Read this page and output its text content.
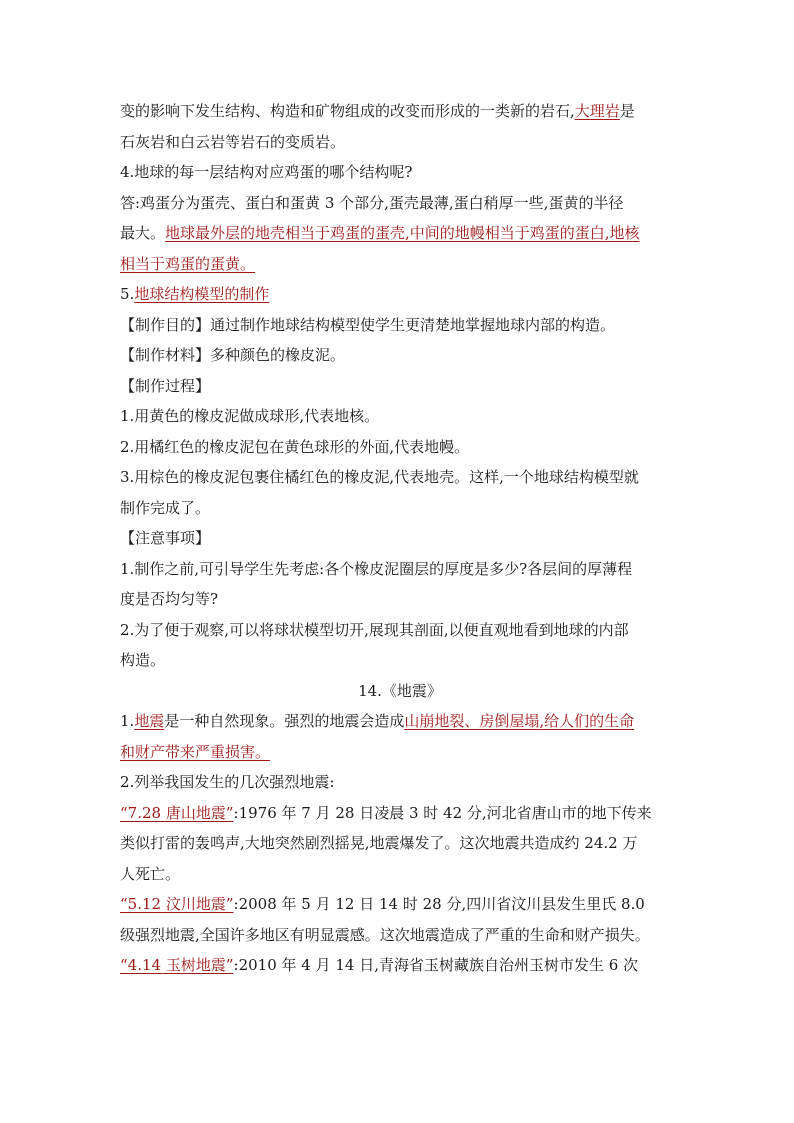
变的影响下发生结构、构造和矿物组成的改变而形成的一类新的岩石,大理岩是
石灰岩和白云岩等岩石的变质岩。
4.地球的每一层结构对应鸡蛋的哪个结构呢?
答:鸡蛋分为蛋壳、蛋白和蛋黄 3 个部分,蛋壳最薄,蛋白稍厚一些,蛋黄的半径
最大。地球最外层的地壳相当于鸡蛋的蛋壳,中间的地幔相当于鸡蛋的蛋白,地核
相当于鸡蛋的蛋黄。
5.地球结构模型的制作
【制作目的】通过制作地球结构模型使学生更清楚地掌握地球内部的构造。
【制作材料】多种颜色的橡皮泥。
【制作过程】
1.用黄色的橡皮泥做成球形,代表地核。
2.用橘红色的橡皮泥包在黄色球形的外面,代表地幔。
3.用棕色的橡皮泥包裹住橘红色的橡皮泥,代表地壳。这样,一个地球结构模型就
制作完成了。
【注意事项】
1.制作之前,可引导学生先考虑:各个橡皮泥圈层的厚度是多少?各层间的厚薄程
度是否均匀等?
2.为了便于观察,可以将球状模型切开,展现其剖面,以便直观地看到地球的内部
构造。
14.《地震》
1.地震是一种自然现象。强烈的地震会造成山崩地裂、房倒屋塌,给人们的生命
和财产带来严重损害。
2.列举我国发生的几次强烈地震:
“7.28 唐山地震”:1976 年 7 月 28 日凌晨 3 时 42 分,河北省唐山市的地下传来
类似打雷的轰鸣声,大地突然剧烈摇晃,地震爆发了。这次地震共造成约 24.2 万
人死亡。
“5.12 汶川地震”:2008 年 5 月 12 日 14 时 28 分,四川省汶川县发生里氏 8.0
级强烈地震,全国许多地区有明显震感。这次地震造成了严重的生命和财产损失。
“4.14 玉树地震”:2010 年 4 月 14 日,青海省玉树藏族自治州玉树市发生 6 次
